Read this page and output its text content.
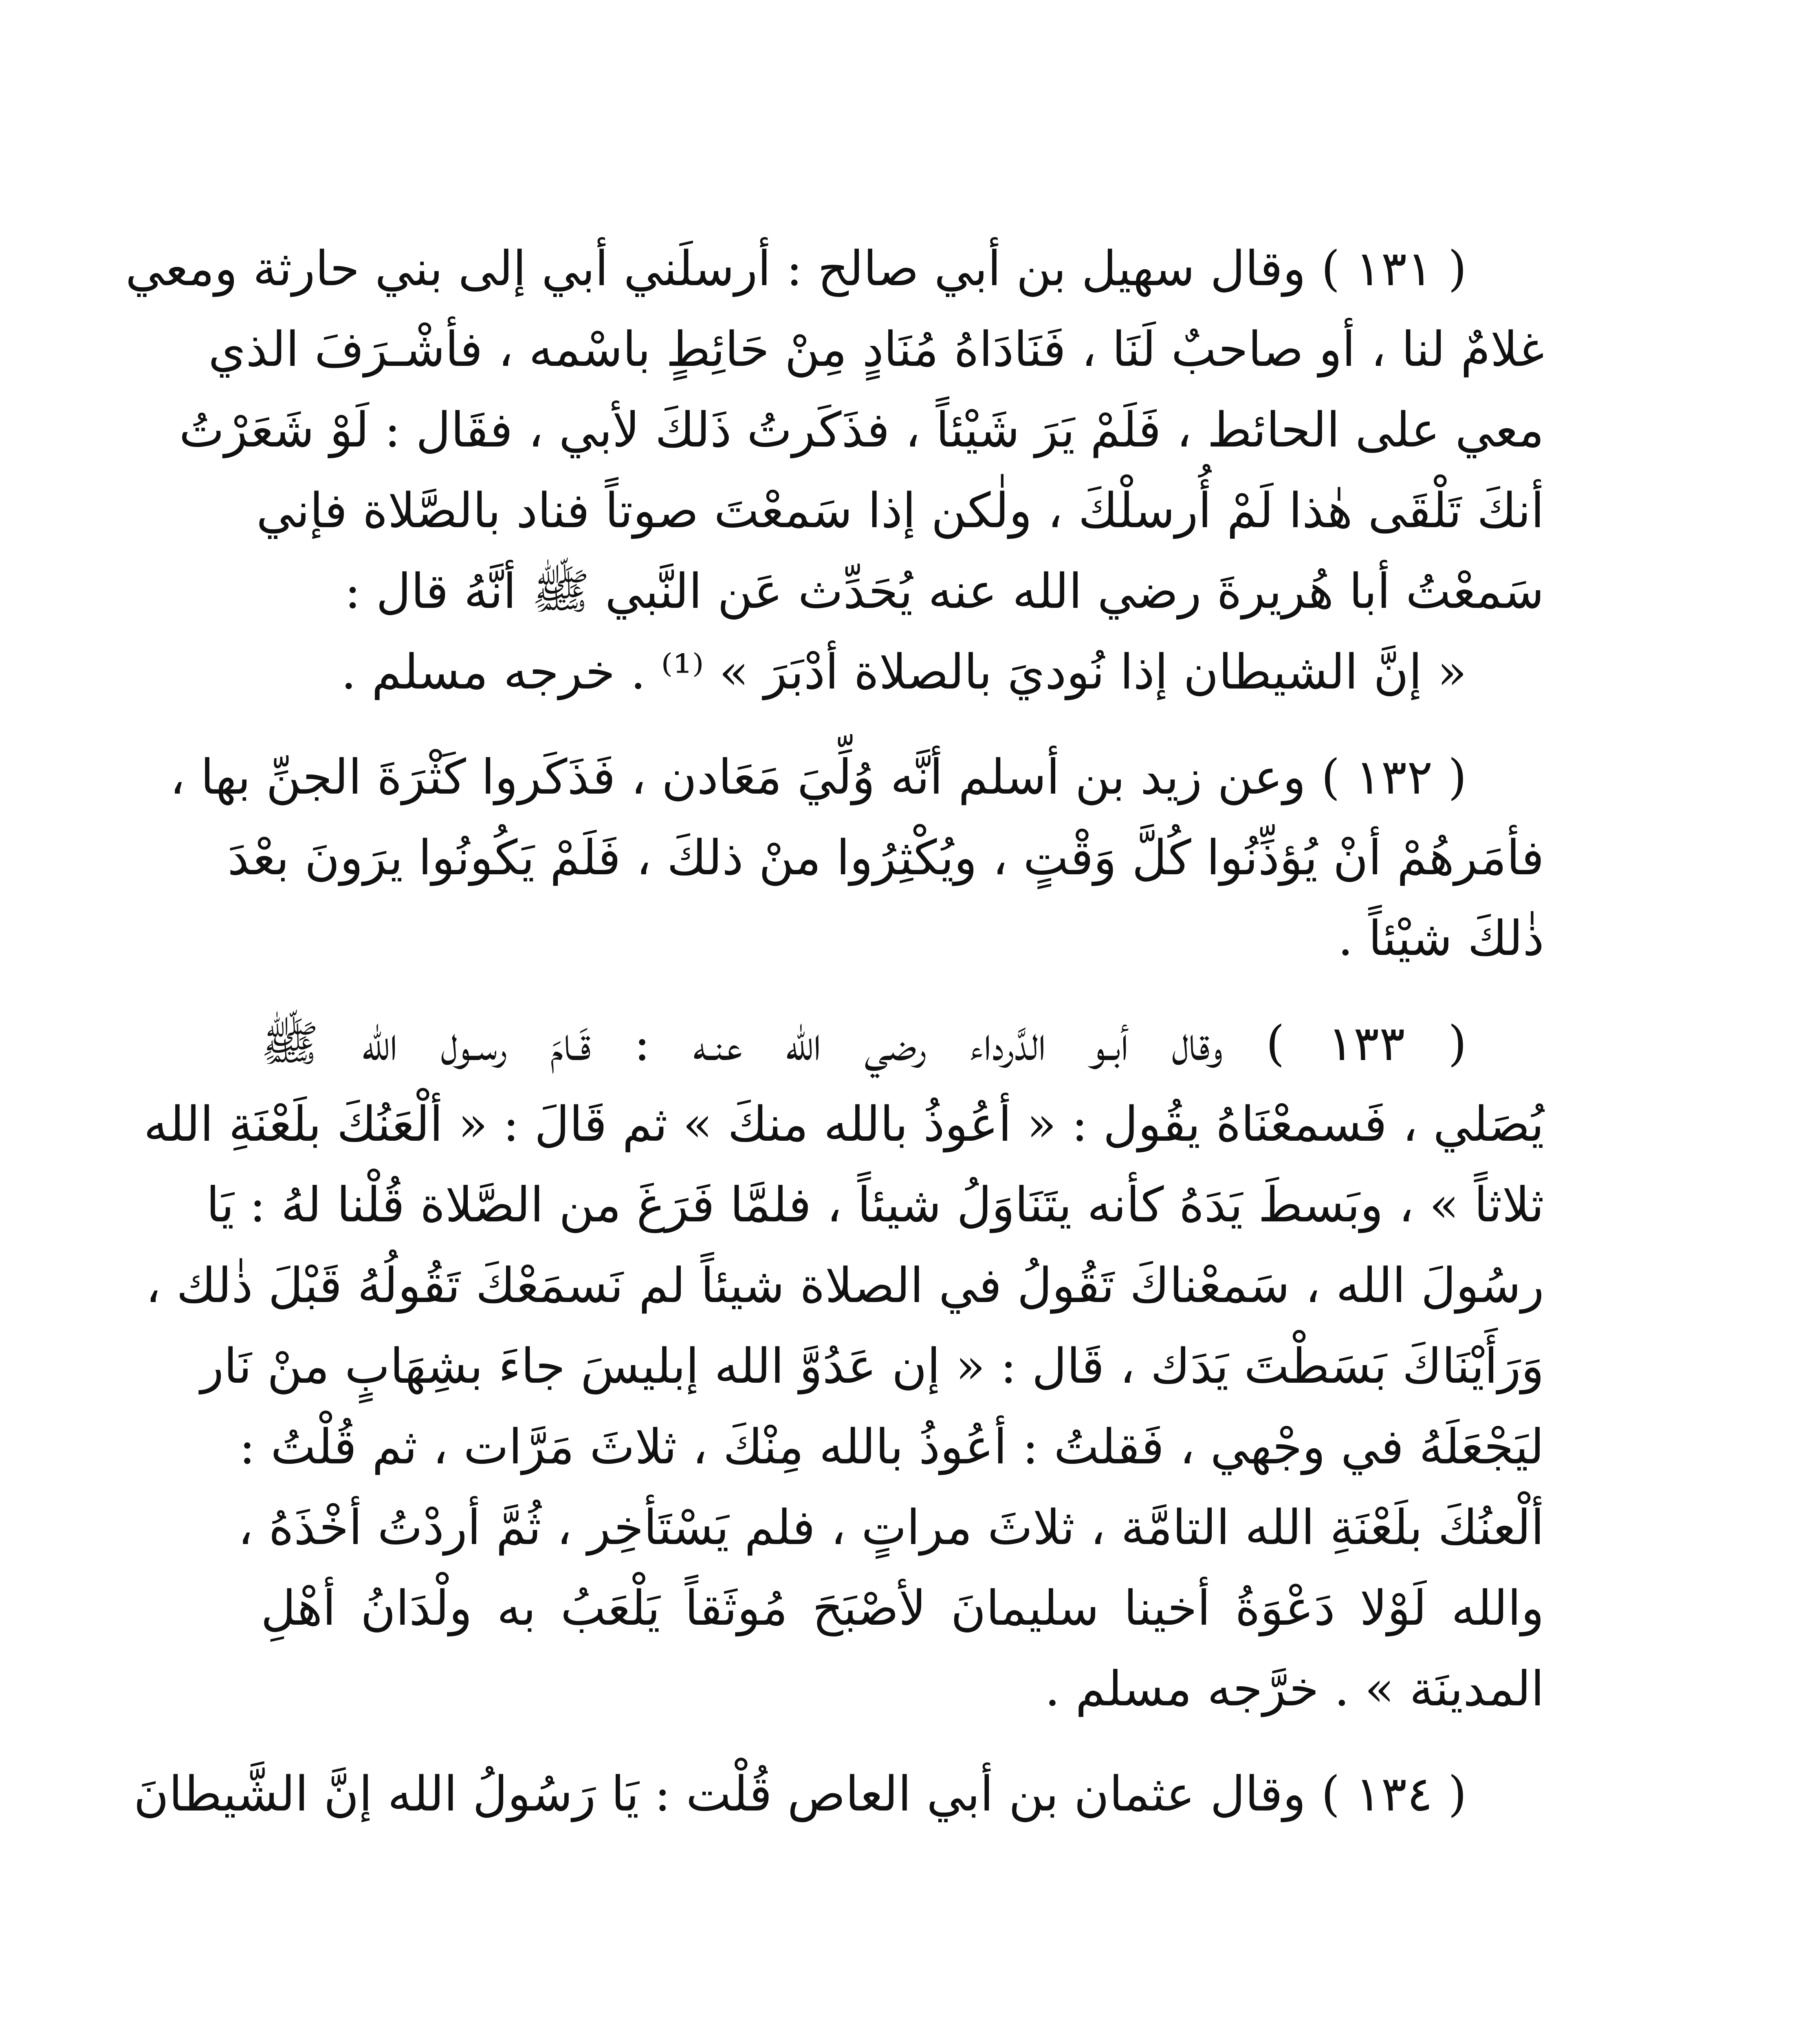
( ١٣١ ) وقال سهيل بن أبي صالح : أرسلَني أبي إلى بني حارثة ومعي
غلامٌ لنا ، أو صاحبٌ لَنَا ، فَنَادَاهُ مُنَادٍ مِنْ حَائِطٍ باسْمه ، فأشْـرَفَ الذي
معي على الحائط ، فَلَمْ يَرَ شَيْئاً ، فذَكَرتُ ذَلكَ لأبي ، فقَال : لَوْ شَعَرْتُ
أنكَ تَلْقَى هٰذا لَمْ أُرسلْكَ ، ولٰكن إذا سَمعْتَ صوتاً فناد بالصَّلاة فإني
سَمعْتُ أبا هُريرةَ رضي الله عنه يُحَدِّث عَن النَّبي ﷺ أنَّهُ قال :
« إنَّ الشيطان إذا نُوديَ بالصلاة أدْبَرَ » ⁽¹⁾ . خرجه مسلم .
( ١٣٢ ) وعن زيد بن أسلم أنَّه وُلِّيَ مَعَادن ، فَذَكَروا كَثْرَةَ الجنِّ بها ،
فأمَرهُمْ أنْ يُؤذِّنُوا كُلَّ وَقْتٍ ، ويُكْثِرُوا منْ ذلكَ ، فَلَمْ يَكُونُوا يرَونَ بعْدَ
ذٰلكَ شيْئاً .
( ١٣٣ ) وقال أبـو الدَّرداء رضي الله عنـه : قَـامَ رسـول الله ﷺ
يُصَلي ، فَسمعْنَاهُ يقُول : « أعُوذُ بالله منكَ » ثم قَالَ : « ألْعَنُكَ بلَعْنَةِ الله
ثلاثاً » ، وبَسطَ يَدَهُ كأنه يتَنَاوَلُ شيئاً ، فلمَّا فَرَغَ من الصَّلاة قُلْنا لهُ : يَا
رسُولَ الله ، سَمعْناكَ تَقُولُ في الصلاة شيئاً لم نَسمَعْكَ تَقُولُهُ قَبْلَ ذٰلك ،
وَرَأَيْنَاكَ بَسَطْتَ يَدَك ، قَال : « إن عَدُوَّ الله إبليسَ جاءَ بشِهَابٍ منْ نَار
ليَجْعَلَهُ في وجْهي ، فَقلتُ : أعُوذُ بالله مِنْكَ ، ثلاثَ مَرَّات ، ثم قُلْتُ :
ألْعنُكَ بلَعْنَةِ الله التامَّة ، ثلاثَ مراتٍ ، فلم يَسْتَأخِر ، ثُمَّ أردْتُ أخْذَهُ ،
والله لَوْلا دَعْوَةُ أخينا سليمانَ لأصْبَحَ مُوثَقاً يَلْعَبُ به ولْدَانُ أهْلِ
المدينَة » . خرَّجه مسلم .
( ١٣٤ ) وقال عثمان بن أبي العاص قُلْت : يَا رَسُولُ الله إنَّ الشَّيطانَ
